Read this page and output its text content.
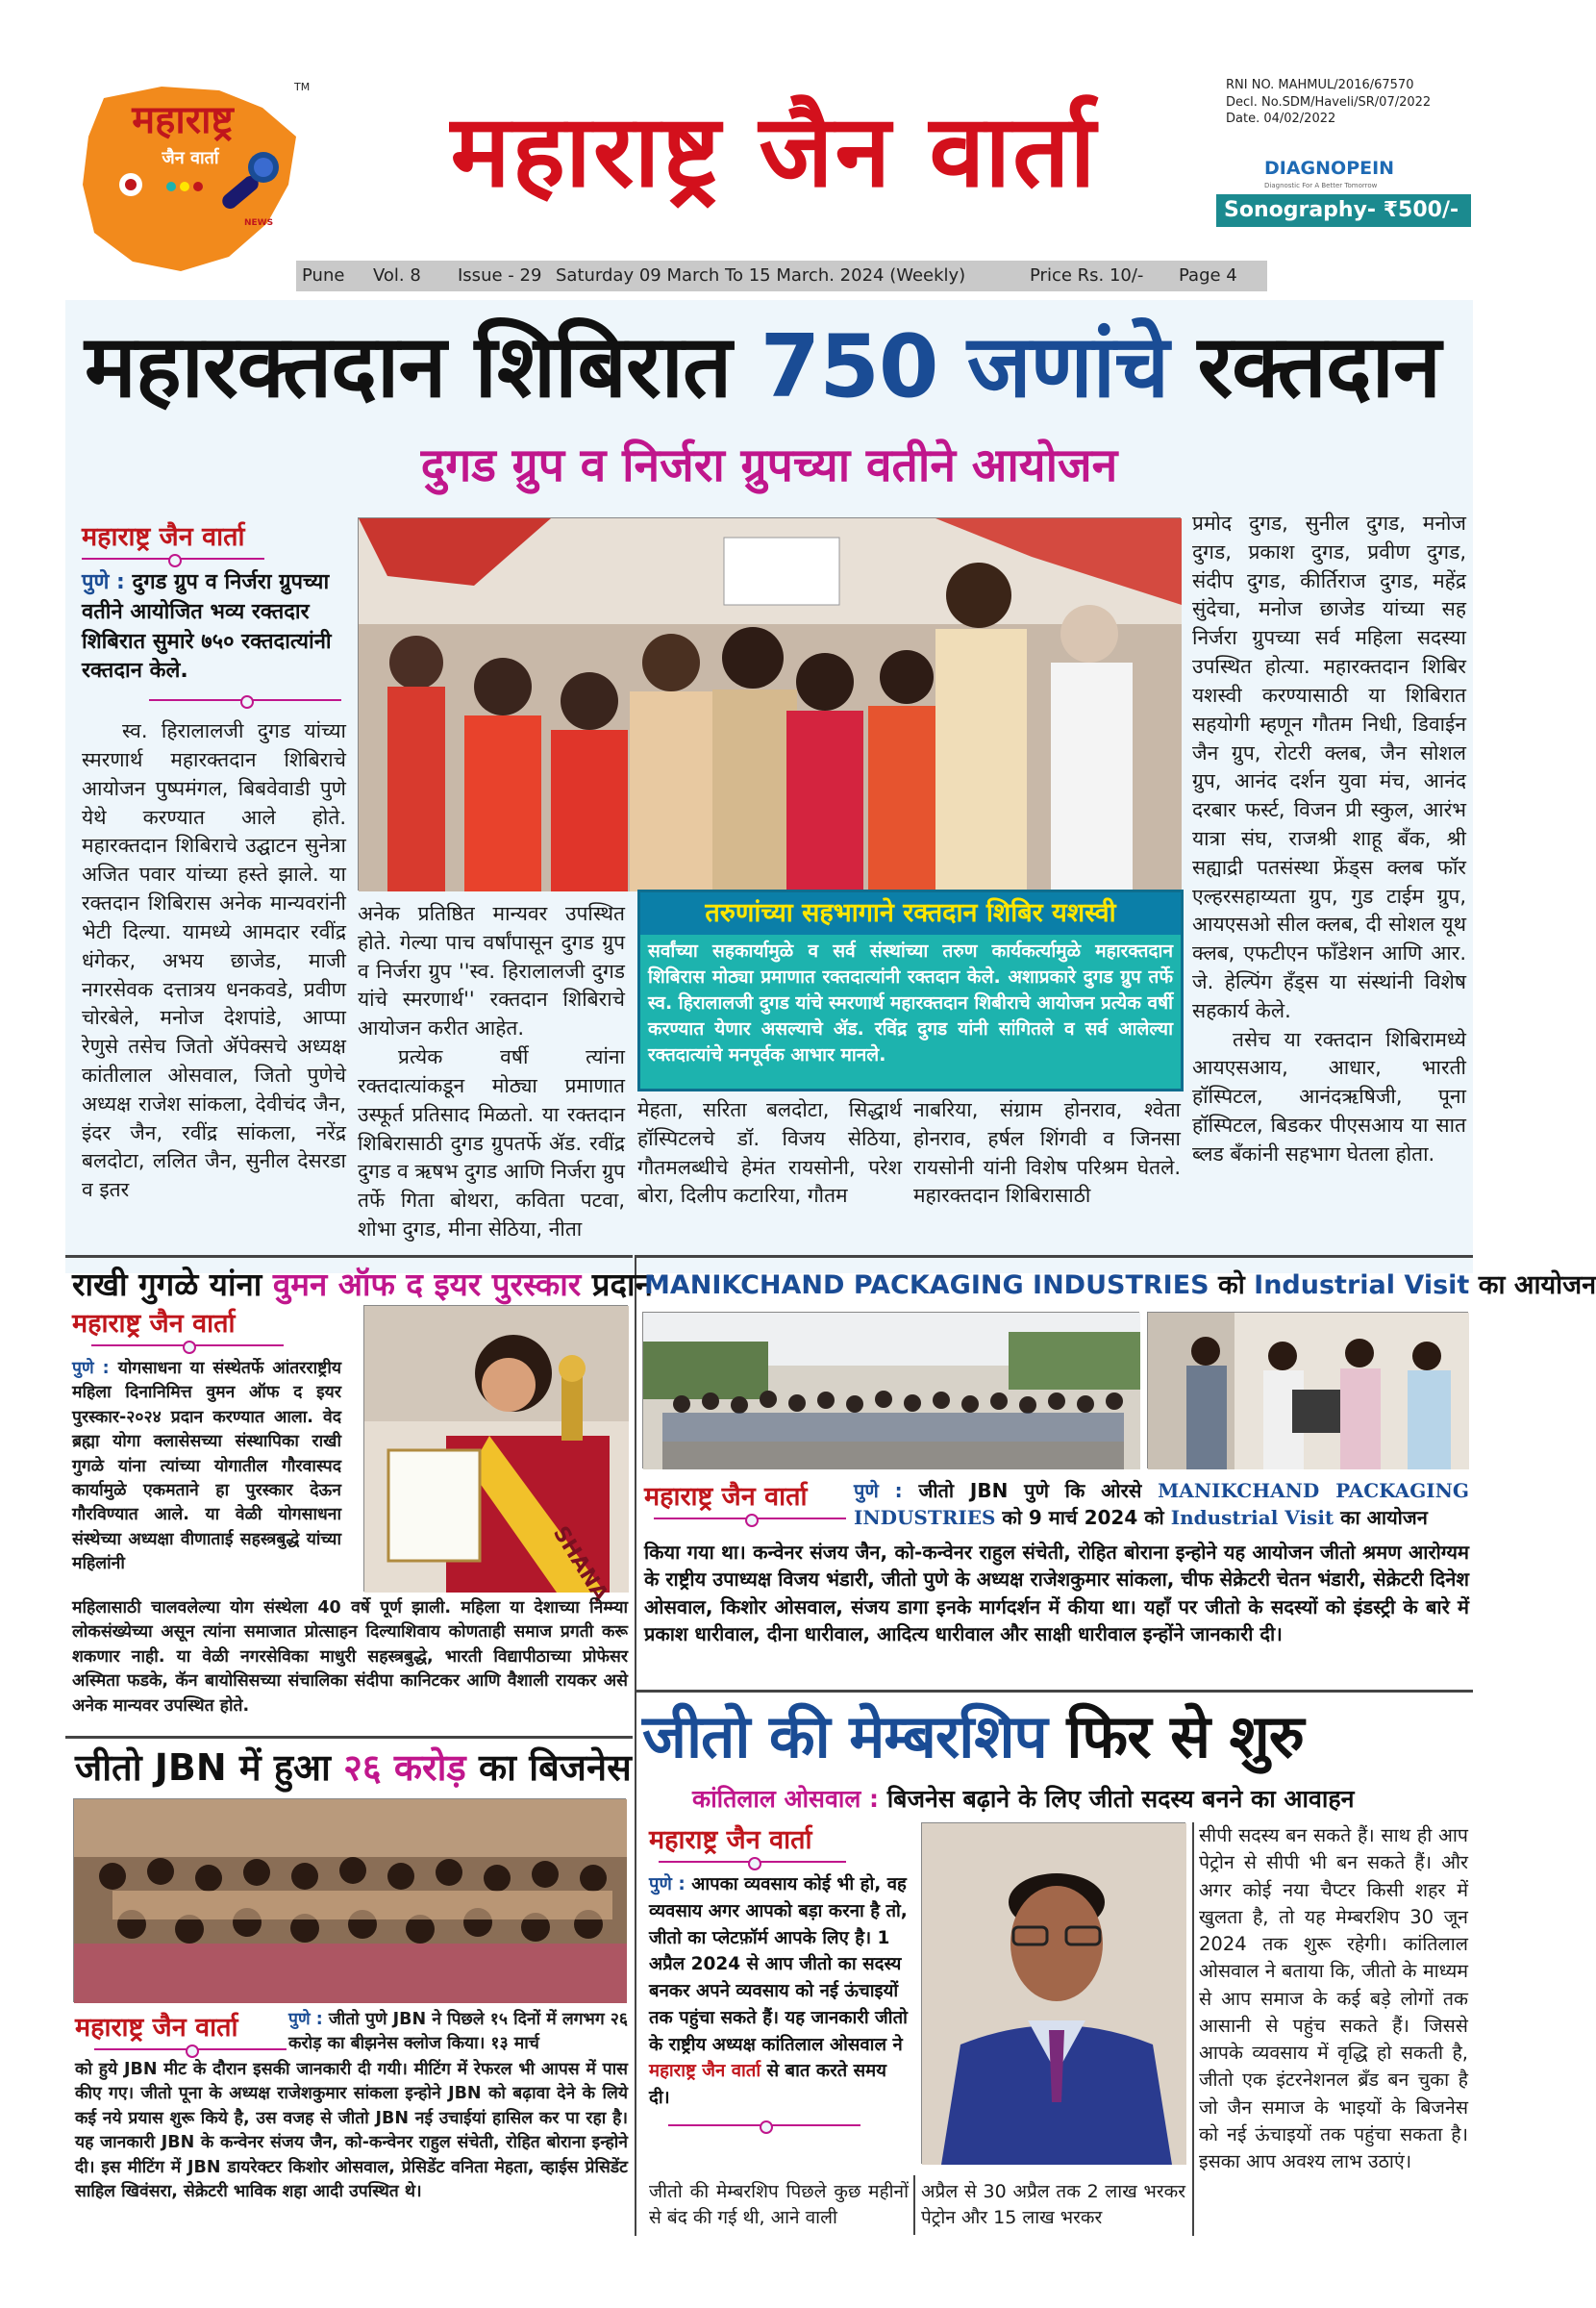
महाराष्ट्र
जैन वार्ता
TM
NEWS
महाराष्ट्र जैन वार्ता
RNI NO. MAHMUL/2016/67570
Decl. No.SDM/Haveli/SR/07/2022
Date. 04/02/2022
DIAGNOPEIN
Diagnostic For A Better Tomorrow
Sonography- ₹500/-
Pune Vol. 8 Issue - 29 Saturday 09 March To 15 March. 2024 (Weekly)	Price Rs. 10/- Page 4
महारक्तदान शिबिरात 750 जणांचे रक्तदान
दुगड ग्रुप व निर्जरा ग्रुपच्या वतीने आयोजन
महाराष्ट्र जैन वार्ता
पुणे : दुगड ग्रुप व निर्जरा ग्रुपच्या वतीने आयोजित भव्य रक्तदार शिबिरात सुमारे ७५० रक्तदात्यांनी रक्तदान केले.

स्व. हिरालालजी दुगड यांच्या स्मरणार्थ महारक्तदान शिबिराचे आयोजन पुष्पमंगल, बिबवेवाडी पुणे येथे करण्यात आले होते. महारक्तदान शिबिराचे उद्घाटन सुनेत्रा अजित पवार यांच्या हस्ते झाले. या रक्तदान शिबिरास अनेक मान्यवरांनी भेटी दिल्या. यामध्ये आमदार रवींद्र धंगेकर, अभय छाजेड, माजी नगरसेवक दत्तात्रय धनकवडे, प्रवीण चोरबेले, मनोज देशपांडे, आप्पा रेणुसे तसेच जितो ॲपेक्सचे अध्यक्ष कांतीलाल ओसवाल, जितो पुणेचे अध्यक्ष राजेश सांकला, देवीचंद जैन, इंदर जैन, रवींद्र सांकला, नरेंद्र बलदोटा, ललित जैन, सुनील देसरडा व इतर

अनेक प्रतिष्ठित मान्यवर उपस्थित होते. गेल्या पाच वर्षांपासून दुगड ग्रुप व निर्जरा ग्रुप ''स्व. हिरालालजी दुगड यांचे स्मरणार्थ'' रक्तदान शिबिराचे आयोजन करीत आहेत.

प्रत्येक वर्षी त्यांना रक्तदात्यांकडून मोठ्या प्रमाणात उस्फूर्त प्रतिसाद मिळतो. या रक्तदान शिबिरासाठी दुगड ग्रुपतर्फे ॲड. रवींद्र दुगड व ऋषभ दुगड आणि निर्जरा ग्रुप तर्फे गिता बोथरा, कविता पटवा, शोभा दुगड, मीना सेठिया, नीता

तरुणांच्या सहभागाने रक्तदान शिबिर यशस्वी
सर्वांच्या सहकार्यामुळे व सर्व संस्थांच्या तरुण कार्यकर्त्यामुळे महारक्तदान शिबिरास मोठ्या प्रमाणात रक्तदात्यांनी रक्तदान केले. अशाप्रकारे दुगड ग्रुप तर्फे स्व. हिरालालजी दुगड यांचे स्मरणार्थ महारक्तदान शिबीराचे आयोजन प्रत्येक वर्षी करण्यात येणार असल्याचे ॲड. रविंद्र दुगड यांनी सांगितले व सर्व आलेल्या रक्तदात्यांचे मनपूर्वक आभार मानले.
मेहता, सरिता बलदोटा, सिद्धार्थ हॉस्पिटलचे डॉ. विजय सेठिया, गौतमलब्धीचे हेमंत रायसोनी, परेश बोरा, दिलीप कटारिया, गौतम
नाबरिया, संग्राम होनराव, श्वेता होनराव, हर्षल शिंगवी व जिनसा रायसोनी यांनी विशेष परिश्रम घेतले. महारक्तदान शिबिरासाठी
प्रमोद दुगड, सुनील दुगड, मनोज दुगड, प्रकाश दुगड, प्रवीण दुगड, संदीप दुगड, कीर्तिराज दुगड, महेंद्र सुंदेचा, मनोज छाजेड यांच्या सह निर्जरा ग्रुपच्या सर्व महिला सदस्या उपस्थित होत्या. महारक्तदान शिबिर यशस्वी करण्यासाठी या शिबिरात सहयोगी म्हणून गौतम निधी, डिवाईन जैन ग्रुप, रोटरी क्लब, जैन सोशल ग्रुप, आनंद दर्शन युवा मंच, आनंद दरबार फर्स्ट, विजन प्री स्कुल, आरंभ यात्रा संघ, राजश्री शाहू बँक, श्री सह्याद्री पतसंस्था फ्रेंड्स क्लब फॉर एल्हरसहाय्यता ग्रुप, गुड टाईम ग्रुप, आयएसओ सील क्लब, दी सोशल यूथ क्लब, एफटीएन फॉंडेशन आणि आर. जे. हेल्पिंग हँड्स या संस्थांनी विशेष सहकार्य केले.

तसेच या रक्तदान शिबिरामध्ये आयएसआय, आधार, भारती हॉस्पिटल, आनंदऋषिजी, पूना हॉस्पिटल, बिडकर पीएसआय या सात ब्लड बँकांनी सहभाग घेतला होता.

राखी गुगळे यांना वुमन ऑफ द इयर पुरस्कार प्रदान
महाराष्ट्र जैन वार्ता
पुणे : योगसाधना या संस्थेतर्फे आंतरराष्ट्रीय महिला दिनानिमित्त वुमन ऑफ द इयर पुरस्कार-२०२४ प्रदान करण्यात आला. वेद ब्रह्मा योगा क्लासेसच्या संस्थापिका राखी गुगळे यांना त्यांच्या योगातील गौरवास्पद कार्यामुळे एकमताने हा पुरस्कार देऊन गौरविण्यात आले. या वेळी योगसाधना संस्थेच्या अध्यक्षा वीणाताई सहस्त्रबुद्धे यांच्या महिलांनी	SHANA
महिलासाठी चालवलेल्या योग संस्थेला 40 वर्षे पूर्ण झाली. महिला या देशाच्या निम्म्या लोकसंख्येच्या असून त्यांना समाजात प्रोत्साहन दिल्याशिवाय कोणताही समाज प्रगती करू शकणार नाही. या वेळी नगरसेविका माधुरी सहस्त्रबुद्धे, भारती विद्यापीठाच्या प्रोफेसर अस्मिता फडके, कॅन बायोसिसच्या संचालिका संदीपा कानिटकर आणि वैशाली रायकर असे अनेक मान्यवर उपस्थित होते.
जीतो JBN में हुआ २६ करोड़ का बिजनेस
महाराष्ट्र जैन वार्ता	पुणे : जीतो पुणे JBN ने पिछले १५ दिनों में लगभग २६ करोड़ का बीझनेस क्लोज किया। १३ मार्च
को हुये JBN मीट के दौरान इसकी जानकारी दी गयी। मीटिंग में रेफरल भी आपस में पास कीए गए। जीतो पूना के अध्यक्ष राजेशकुमार सांकला इन्होने JBN को बढ़ावा देने के लिये कई नये प्रयास शुरू किये है, उस वजह से जीतो JBN नई उचाईयां हासिल कर पा रहा है। यह जानकारी JBN के कन्वेनर संजय जैन, को-कन्वेनर राहुल संचेती, रोहित बोराना इन्होने दी। इस मीटिंग में JBN डायरेक्टर किशोर ओसवाल, प्रेसिडेंट वनिता मेहता, व्हाईस प्रेसिडेंट साहिल खिवंसरा, सेक्रेटरी भाविक शहा आदी उपस्थित थे।
MANIKCHAND PACKAGING INDUSTRIES को Industrial Visit का आयोजन
महाराष्ट्र जैन वार्ता	पुणे : जीतो JBN पुणे कि ओरसे MANIKCHAND PACKAGING INDUSTRIES को 9 मार्च 2024 को Industrial Visit का आयोजन
किया गया था। कन्वेनर संजय जैन, को-कन्वेनर राहुल संचेती, रोहित बोराना इन्होने यह आयोजन जीतो श्रमण आरोग्यम के राष्ट्रीय उपाध्यक्ष विजय भंडारी, जीतो पुणे के अध्यक्ष राजेशकुमार सांकला, चीफ सेक्रेटरी चेतन भंडारी, सेक्रेटरी दिनेश ओसवाल, किशोर ओसवाल, संजय डागा इनके मार्गदर्शन में कीया था। यहाँ पर जीतो के सदस्यों को इंडस्ट्री के बारे में प्रकाश धारीवाल, दीना धारीवाल, आदित्य धारीवाल और साक्षी धारीवाल इन्होंने जानकारी दी।
जीतो की मेम्बरशिप फिर से शुरु
कांतिलाल ओसवाल : बिजनेस बढ़ाने के लिए जीतो सदस्य बनने का आवाहन
महाराष्ट्र जैन वार्ता
पुणे : आपका व्यवसाय कोई भी हो, वह व्यवसाय अगर आपको बड़ा करना है तो, जीतो का प्लेटफ़ॉर्म आपके लिए है। 1 अप्रैल 2024 से आप जीतो का सदस्य बनकर अपने व्यवसाय को नई ऊंचाइयों तक पहुंचा सकते हैं। यह जानकारी जीतो के राष्ट्रीय अध्यक्ष कांतिलाल ओसवाल ने महाराष्ट्र जैन वार्ता से बात करते समय दी।
जीतो की मेम्बरशिप पिछले कुछ महीनों से बंद की गई थी, आने वाली
अप्रैल से 30 अप्रैल तक 2 लाख भरकर पेट्रोन और 15 लाख भरकर
सीपी सदस्य बन सकते हैं। साथ ही आप पेट्रोन से सीपी भी बन सकते हैं। और अगर कोई नया चैप्टर किसी शहर में खुलता है, तो यह मेम्बरशिप 30 जून 2024 तक शुरू रहेगी। कांतिलाल ओसवाल ने बताया कि, जीतो के माध्यम से आप समाज के कई बड़े लोगों तक आसानी से पहुंच सकते हैं। जिससे आपके व्यवसाय में वृद्धि हो सकती है, जीतो एक इंटरनेशनल ब्रँड बन चुका है जो जैन समाज के भाइयों के बिजनेस को नई ऊंचाइयों तक पहुंचा सकता है। इसका आप अवश्य लाभ उठाएं।
